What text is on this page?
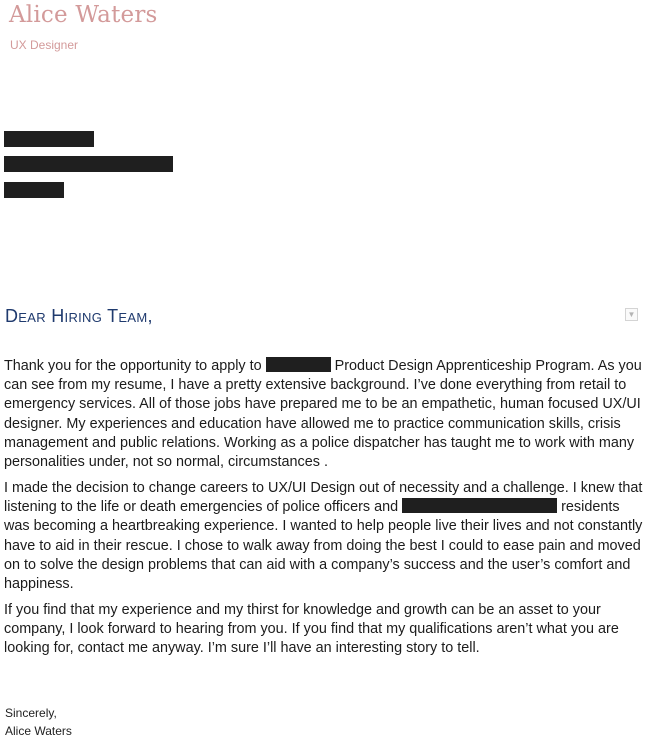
Alice Waters
UX Designer
Dear Hiring Team,	▼

Thank you for the opportunity to apply to	Product Design Apprenticeship Program. As you can see from my resume, I have a pretty extensive background. I’ve done everything from retail to emergency services. All of those jobs have prepared me to be an empathetic, human focused UX/UI designer. My experiences and education have allowed me to practice communication skills, crisis management and public relations. Working as a police dispatcher has taught me to work with many personalities under, not so normal, circumstances .

I made the decision to change careers to UX/UI Design out of necessity and a challenge. I knew that listening to the life or death emergencies of police officers and	residents was becoming a heartbreaking experience. I wanted to help people live their lives and not constantly have to aid in their rescue. I chose to walk away from doing the best I could to ease pain and moved on to solve the design problems that can aid with a company’s success and the user’s comfort and happiness.

If you find that my experience and my thirst for knowledge and growth can be an asset to your company, I look forward to hearing from you. If you find that my qualifications aren’t what you are looking for, contact me anyway. I’m sure I’ll have an interesting story to tell.

Sincerely,
Alice Waters
